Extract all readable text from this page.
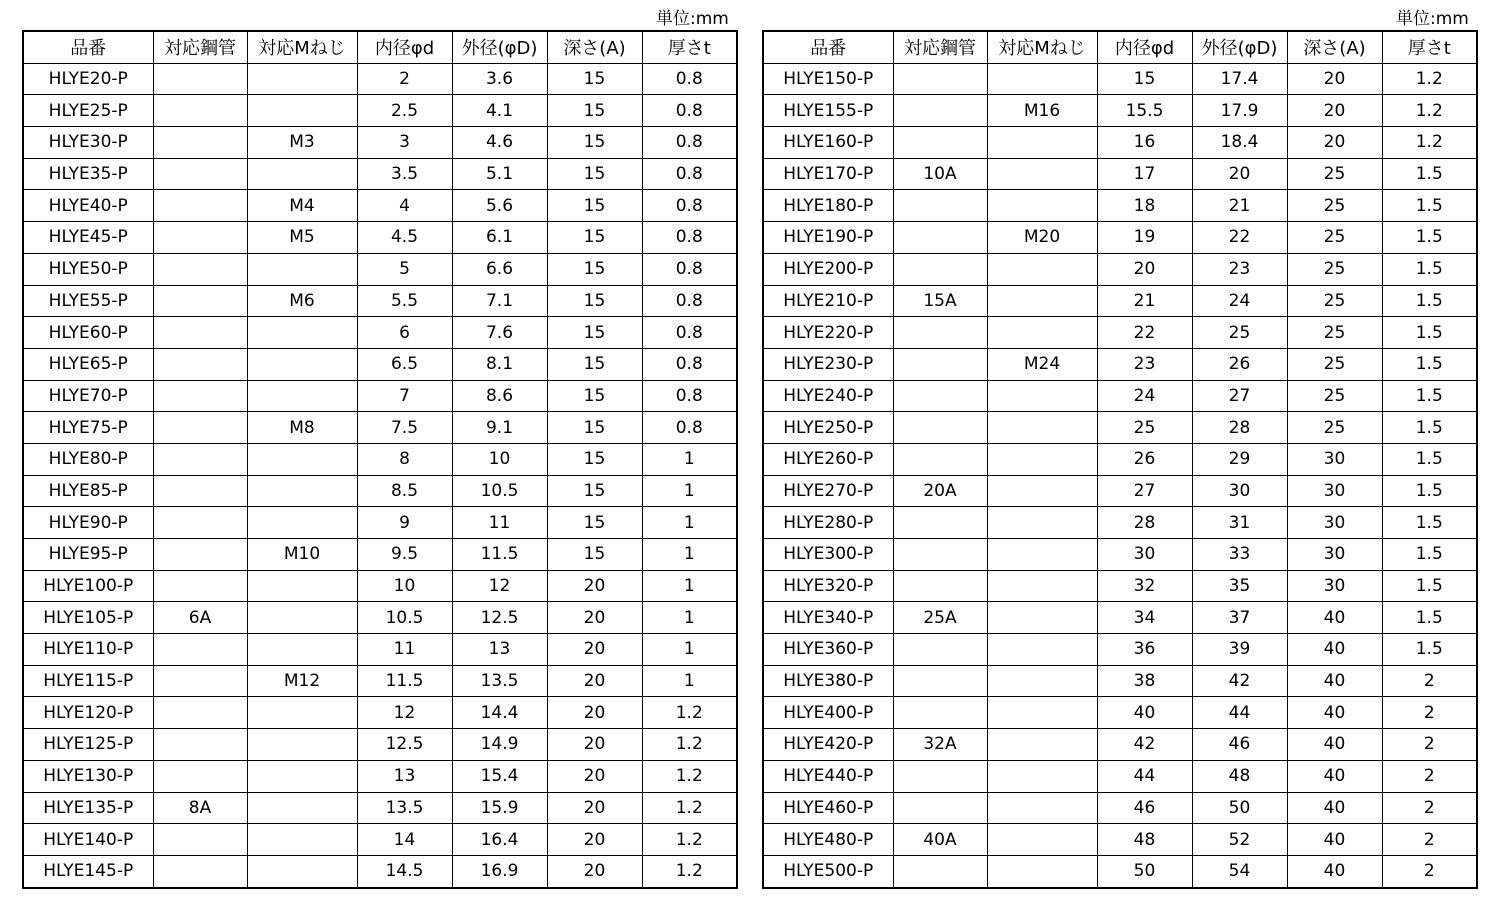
単位:mm
品番	対応鋼管	対応Mねじ	内径φd	外径(φD)	深さ(A)	厚さt
HLYE20-P			2	3.6	15	0.8
HLYE25-P			2.5	4.1	15	0.8
HLYE30-P		M3	3	4.6	15	0.8
HLYE35-P			3.5	5.1	15	0.8
HLYE40-P		M4	4	5.6	15	0.8
HLYE45-P		M5	4.5	6.1	15	0.8
HLYE50-P			5	6.6	15	0.8
HLYE55-P		M6	5.5	7.1	15	0.8
HLYE60-P			6	7.6	15	0.8
HLYE65-P			6.5	8.1	15	0.8
HLYE70-P			7	8.6	15	0.8
HLYE75-P		M8	7.5	9.1	15	0.8
HLYE80-P			8	10	15	1
HLYE85-P			8.5	10.5	15	1
HLYE90-P			9	11	15	1
HLYE95-P		M10	9.5	11.5	15	1
HLYE100-P			10	12	20	1
HLYE105-P	6A		10.5	12.5	20	1
HLYE110-P			11	13	20	1
HLYE115-P		M12	11.5	13.5	20	1
HLYE120-P			12	14.4	20	1.2
HLYE125-P			12.5	14.9	20	1.2
HLYE130-P			13	15.4	20	1.2
HLYE135-P	8A		13.5	15.9	20	1.2
HLYE140-P			14	16.4	20	1.2
HLYE145-P			14.5	16.9	20	1.2
単位:mm
品番	対応鋼管	対応Mねじ	内径φd	外径(φD)	深さ(A)	厚さt
HLYE150-P			15	17.4	20	1.2
HLYE155-P		M16	15.5	17.9	20	1.2
HLYE160-P			16	18.4	20	1.2
HLYE170-P	10A		17	20	25	1.5
HLYE180-P			18	21	25	1.5
HLYE190-P		M20	19	22	25	1.5
HLYE200-P			20	23	25	1.5
HLYE210-P	15A		21	24	25	1.5
HLYE220-P			22	25	25	1.5
HLYE230-P		M24	23	26	25	1.5
HLYE240-P			24	27	25	1.5
HLYE250-P			25	28	25	1.5
HLYE260-P			26	29	30	1.5
HLYE270-P	20A		27	30	30	1.5
HLYE280-P			28	31	30	1.5
HLYE300-P			30	33	30	1.5
HLYE320-P			32	35	30	1.5
HLYE340-P	25A		34	37	40	1.5
HLYE360-P			36	39	40	1.5
HLYE380-P			38	42	40	2
HLYE400-P			40	44	40	2
HLYE420-P	32A		42	46	40	2
HLYE440-P			44	48	40	2
HLYE460-P			46	50	40	2
HLYE480-P	40A		48	52	40	2
HLYE500-P			50	54	40	2
